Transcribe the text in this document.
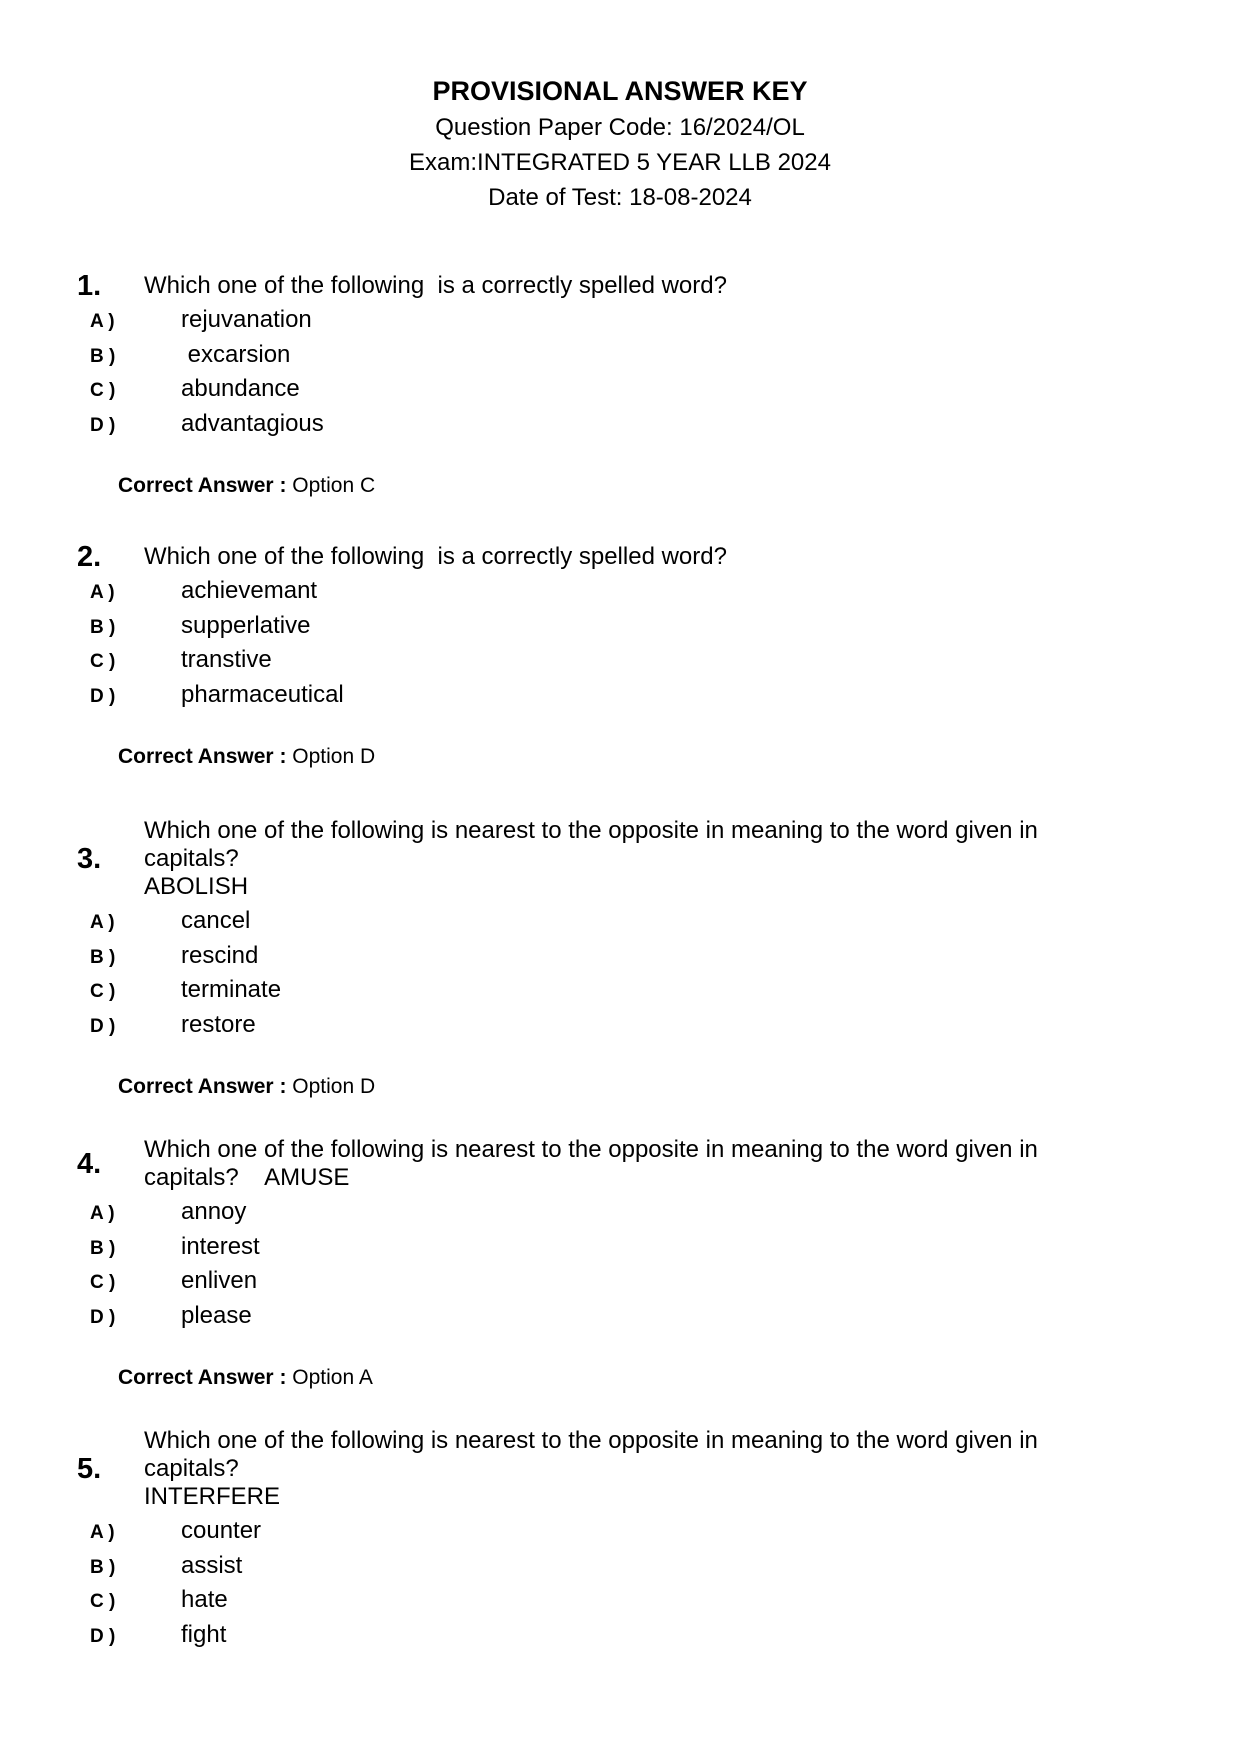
PROVISIONAL ANSWER KEY

Question Paper Code: 16/2024/OL

Exam:INTEGRATED 5 YEAR LLB 2024

Date of Test: 18-08-2024

1. Which one of the following  is a correctly spelled word?
A )	rejuvanation
B )	excarsion
C )	abundance
D )	advantagious
Correct Answer : Option C
2. Which one of the following  is a correctly spelled word?
A )	achievemant
B )	supperlative
C )	transtive
D )	pharmaceutical
Correct Answer : Option D
3.
Which one of the following is nearest to the opposite in meaning to the word given in capitals?
ABOLISH
A )	cancel
B )	rescind
C )	terminate
D )	restore
Correct Answer : Option D
4. Which one of the following is nearest to the opposite in meaning to the word given in capitals?    AMUSE
A )	annoy
B )	interest
C )	enliven
D )	please
Correct Answer : Option A
5.
Which one of the following is nearest to the opposite in meaning to the word given in capitals?
INTERFERE
A )	counter
B )	assist
C )	hate
D )	fight
